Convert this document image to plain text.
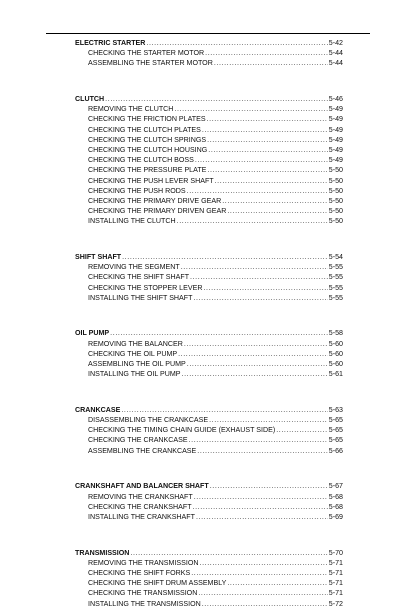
ELECTRIC STARTER .....	5-42
CHECKING THE STARTER MOTOR .....	5-44
ASSEMBLING THE STARTER MOTOR .....	5-44
CLUTCH .....	5-46
REMOVING THE CLUTCH .....	5-49
CHECKING THE FRICTION PLATES .....	5-49
CHECKING THE CLUTCH PLATES .....	5-49
CHECKING THE CLUTCH SPRINGS .....	5-49
CHECKING THE CLUTCH HOUSING .....	5-49
CHECKING THE CLUTCH BOSS .....	5-49
CHECKING THE PRESSURE PLATE .....	5-50
CHECKING THE PUSH LEVER SHAFT .....	5-50
CHECKING THE PUSH RODS .....	5-50
CHECKING THE PRIMARY DRIVE GEAR .....	5-50
CHECKING THE PRIMARY DRIVEN GEAR .....	5-50
INSTALLING THE CLUTCH .....	5-50
SHIFT SHAFT .....	5-54
REMOVING THE SEGMENT .....	5-55
CHECKING THE SHIFT SHAFT .....	5-55
CHECKING THE STOPPER LEVER .....	5-55
INSTALLING THE SHIFT SHAFT .....	5-55
OIL PUMP .....	5-58
REMOVING THE BALANCER .....	5-60
CHECKING THE OIL PUMP .....	5-60
ASSEMBLING THE OIL PUMP .....	5-60
INSTALLING THE OIL PUMP .....	5-61
CRANKCASE .....	5-63
DISASSEMBLING THE CRANKCASE .....	5-65
CHECKING THE TIMING CHAIN GUIDE (EXHAUST SIDE) .....	5-65
CHECKING THE CRANKCASE .....	5-65
ASSEMBLING THE CRANKCASE .....	5-66
CRANKSHAFT AND BALANCER SHAFT .....	5-67
REMOVING THE CRANKSHAFT .....	5-68
CHECKING THE CRANKSHAFT .....	5-68
INSTALLING THE CRANKSHAFT .....	5-69
TRANSMISSION .....	5-70
REMOVING THE TRANSMISSION .....	5-71
CHECKING THE SHIFT FORKS .....	5-71
CHECKING THE SHIFT DRUM ASSEMBLY .....	5-71
CHECKING THE TRANSMISSION .....	5-71
INSTALLING THE TRANSMISSION .....	5-72
